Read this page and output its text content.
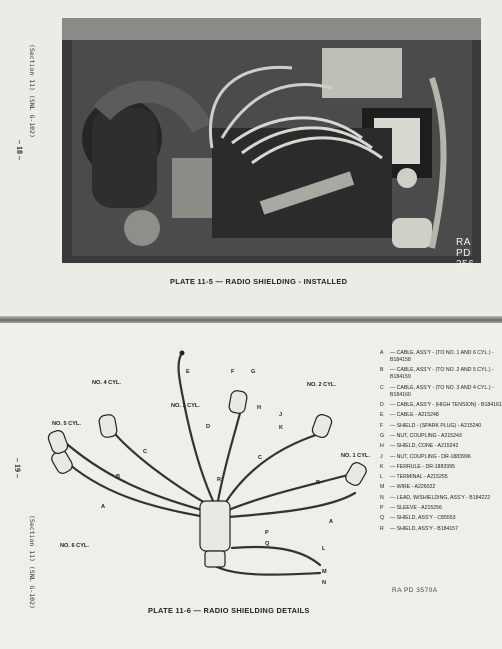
(Section 11) (SNL G-102)
– 18 –
RA PD 356
PLATE 11-5 — RADIO SHIELDING - INSTALLED
– 19 –
(Section 11) (SNL G-102)
PLATE 11-6 — RADIO SHIELDING DETAILS
RA PD 3570A
A	— CABLE, ASS'Y - (TO NO. 1 AND 6 CYL.) - B184158
B	— CABLE, ASS'Y - (TO NO. 2 AND 5 CYL.) - B184159
C	— CABLE, ASS'Y - (TO NO. 3 AND 4 CYL.) - B184160
D	— CABLE, ASS'Y - (HIGH TENSION) - B184161
E	— CABLE - A215248
F	— SHIELD - (SPARK PLUG) - A215240
G	— NUT, COUPLING - A215243
H	— SHIELD, CONE - A215242
J	— NUT, COUPLING - DR-1883996
K	— FERRULE - DR-1883995
L	— TERMINAL - A215255
M	— WIRE - A226022
N	— LEAD, W/SHIELDING, ASS'Y - B184222
P	— SLEEVE - A215256
Q	— SHIELD, ASS'Y - C85553
R	— SHIELD, ASS'Y - B184157
NO. 4 CYL.
NO. 5 CYL.
NO. 6 CYL.
NO. 3 CYL.
NO. 2 CYL.
NO. 1 CYL.
E	F	G
H
J
K
D
C
C
B
B
R
A
A
P
Q
L
M
N
